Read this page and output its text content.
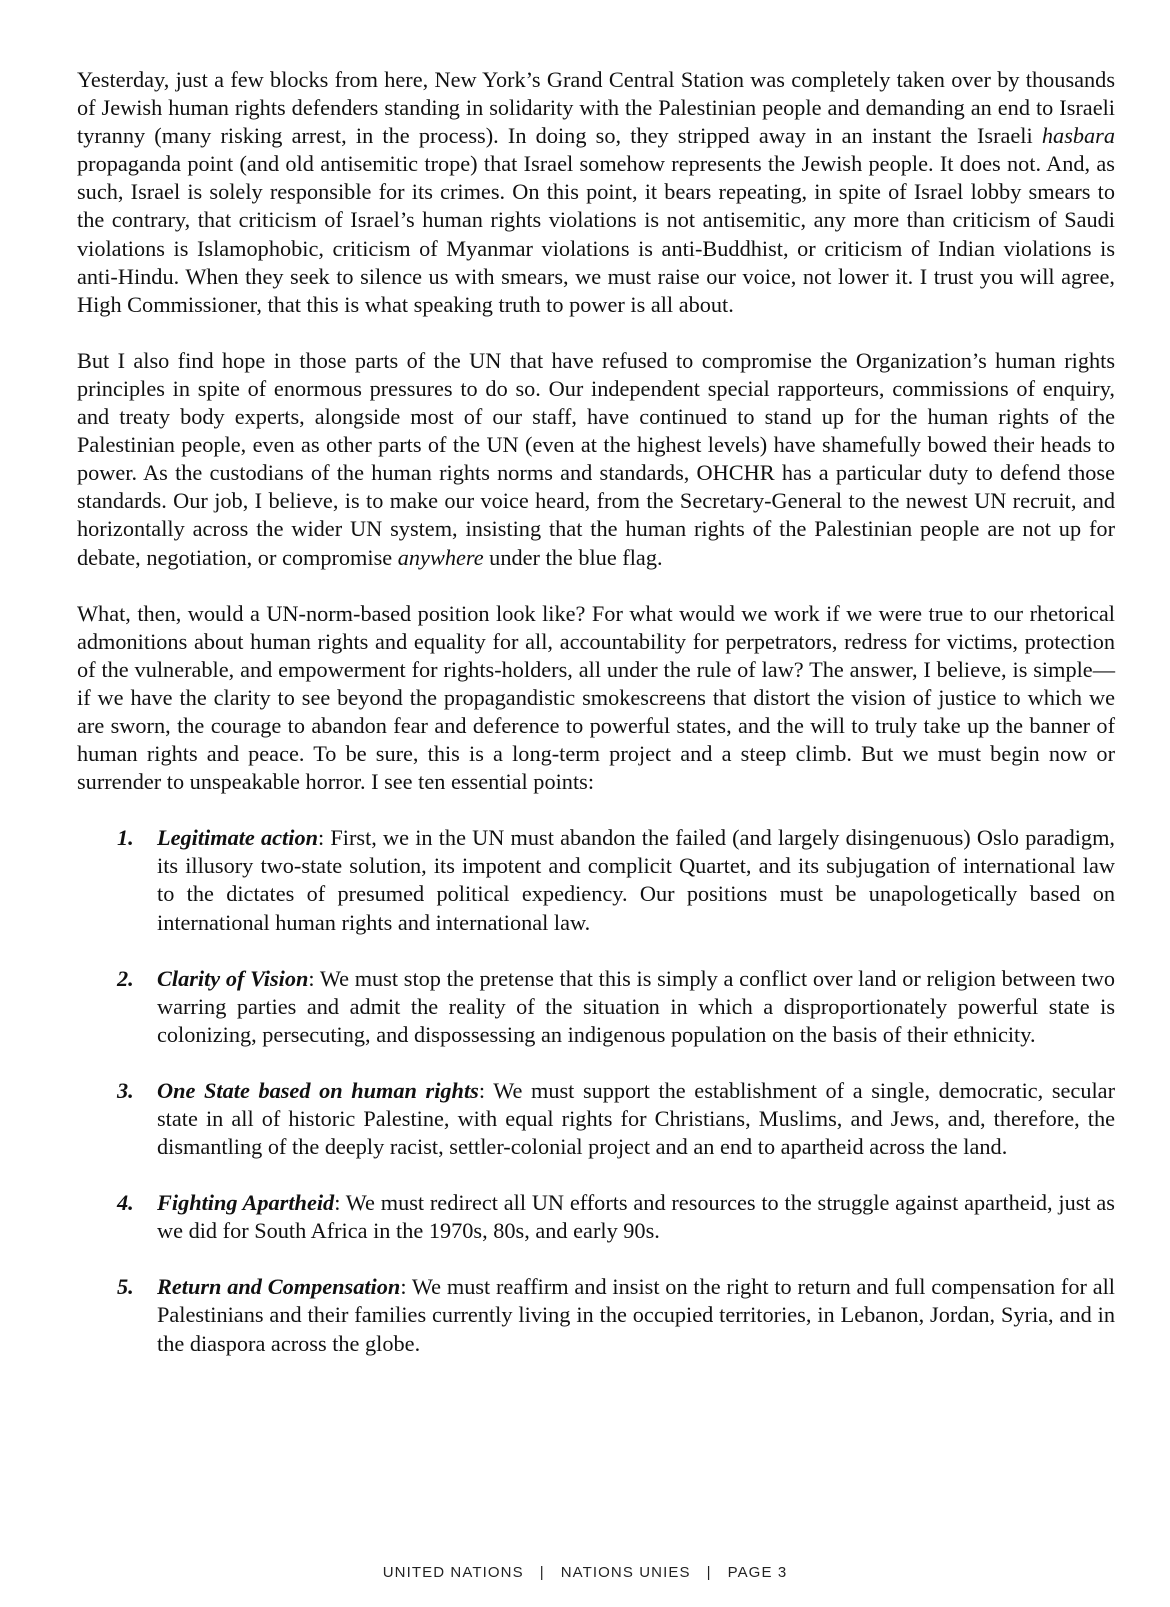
Yesterday, just a few blocks from here, New York’s Grand Central Station was completely taken over by thousands of Jewish human rights defenders standing in solidarity with the Palestinian people and demanding an end to Israeli tyranny (many risking arrest, in the process). In doing so, they stripped away in an instant the Israeli hasbara propaganda point (and old antisemitic trope) that Israel somehow represents the Jewish people. It does not. And, as such, Israel is solely responsible for its crimes. On this point, it bears repeating, in spite of Israel lobby smears to the contrary, that criticism of Israel’s human rights violations is not antisemitic, any more than criticism of Saudi violations is Islamophobic, criticism of Myanmar violations is anti-Buddhist, or criticism of Indian violations is anti-Hindu. When they seek to silence us with smears, we must raise our voice, not lower it. I trust you will agree, High Commissioner, that this is what speaking truth to power is all about.

But I also find hope in those parts of the UN that have refused to compromise the Organization’s human rights principles in spite of enormous pressures to do so. Our independent special rapporteurs, commissions of enquiry, and treaty body experts, alongside most of our staff, have continued to stand up for the human rights of the Palestinian people, even as other parts of the UN (even at the highest levels) have shamefully bowed their heads to power. As the custodians of the human rights norms and standards, OHCHR has a particular duty to defend those standards. Our job, I believe, is to make our voice heard, from the Secretary-General to the newest UN recruit, and horizontally across the wider UN system, insisting that the human rights of the Palestinian people are not up for debate, negotiation, or compromise anywhere under the blue flag.

What, then, would a UN-norm-based position look like? For what would we work if we were true to our rhetorical admonitions about human rights and equality for all, accountability for perpetrators, redress for victims, protection of the vulnerable, and empowerment for rights-holders, all under the rule of law? The answer, I believe, is simple—if we have the clarity to see beyond the propagandistic smokescreens that distort the vision of justice to which we are sworn, the courage to abandon fear and deference to powerful states, and the will to truly take up the banner of human rights and peace. To be sure, this is a long-term project and a steep climb. But we must begin now or surrender to unspeakable horror. I see ten essential points:

1. Legitimate action: First, we in the UN must abandon the failed (and largely disingenuous) Oslo paradigm, its illusory two-state solution, its impotent and complicit Quartet, and its subjugation of international law to the dictates of presumed political expediency. Our positions must be unapologetically based on international human rights and international law.
2. Clarity of Vision: We must stop the pretense that this is simply a conflict over land or religion between two warring parties and admit the reality of the situation in which a disproportionately powerful state is colonizing, persecuting, and dispossessing an indigenous population on the basis of their ethnicity.
3. One State based on human rights: We must support the establishment of a single, democratic, secular state in all of historic Palestine, with equal rights for Christians, Muslims, and Jews, and, therefore, the dismantling of the deeply racist, settler-colonial project and an end to apartheid across the land.
4. Fighting Apartheid: We must redirect all UN efforts and resources to the struggle against apartheid, just as we did for South Africa in the 1970s, 80s, and early 90s.
5. Return and Compensation: We must reaffirm and insist on the right to return and full compensation for all Palestinians and their families currently living in the occupied territories, in Lebanon, Jordan, Syria, and in the diaspora across the globe.
UNITED NATIONS | NATIONS UNIES | PAGE 3
